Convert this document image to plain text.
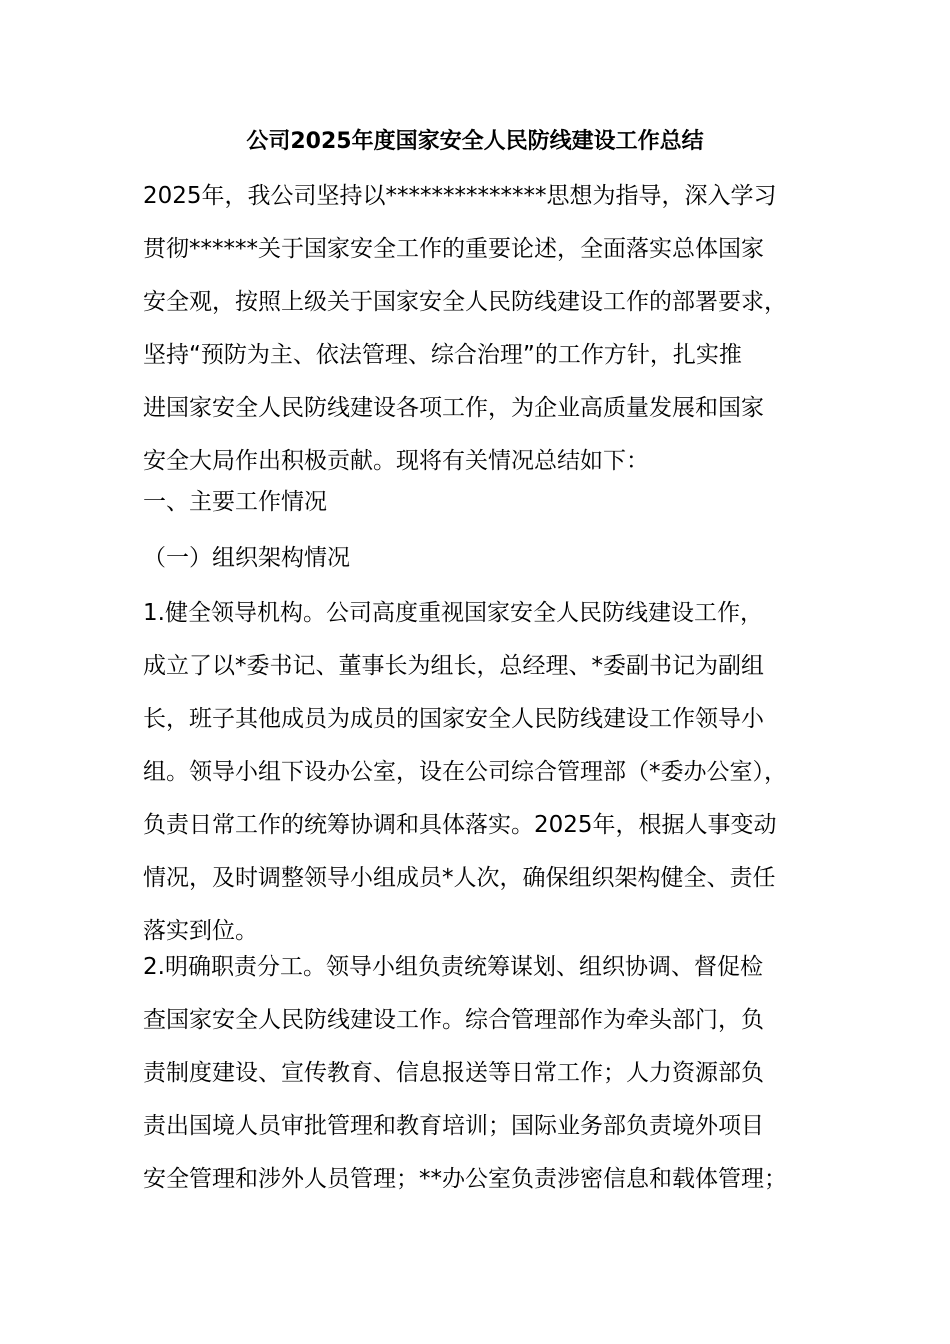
公司2025年度国家安全人民防线建设工作总结
2025年，我公司坚持以**************思想为指导，深入学习
贯彻******关于国家安全工作的重要论述，全面落实总体国家
安全观，按照上级关于国家安全人民防线建设工作的部署要求，
坚持“预防为主、依法管理、综合治理”的工作方针，扎实推
进国家安全人民防线建设各项工作，为企业高质量发展和国家
安全大局作出积极贡献。现将有关情况总结如下：
一、主要工作情况
（一）组织架构情况
1.健全领导机构。公司高度重视国家安全人民防线建设工作，
成立了以*委书记、董事长为组长，总经理、*委副书记为副组
长，班子其他成员为成员的国家安全人民防线建设工作领导小
组。领导小组下设办公室，设在公司综合管理部（*委办公室），
负责日常工作的统筹协调和具体落实。2025年，根据人事变动
情况，及时调整领导小组成员*人次，确保组织架构健全、责任
落实到位。
2.明确职责分工。领导小组负责统筹谋划、组织协调、督促检
查国家安全人民防线建设工作。综合管理部作为牵头部门，负
责制度建设、宣传教育、信息报送等日常工作；人力资源部负
责出国境人员审批管理和教育培训；国际业务部负责境外项目
安全管理和涉外人员管理；**办公室负责涉密信息和载体管理；
